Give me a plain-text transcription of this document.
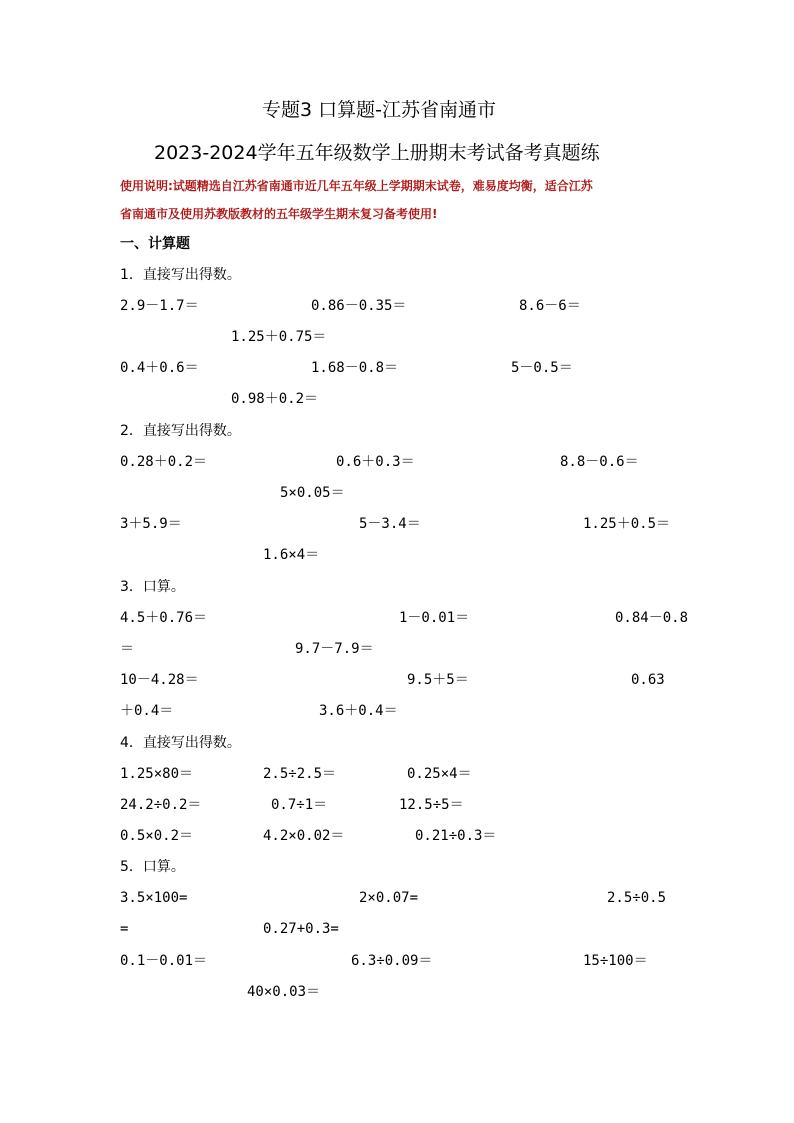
专题3 口算题-江苏省南通市
2023-2024学年五年级数学上册期末考试备考真题练
使用说明:试题精选自江苏省南通市近几年五年级上学期期末试卷，难易度均衡，适合江苏
省南通市及使用苏教版教材的五年级学生期末复习备考使用!
一、计算题
1．直接写出得数。
2.9－1.7＝	0.86－0.35＝	8.6－6＝
1.25＋0.75＝
0.4＋0.6＝	1.68－0.8＝	5－0.5＝
0.98＋0.2＝
2．直接写出得数。
0.28＋0.2＝	0.6＋0.3＝	8.8－0.6＝
5×0.05＝
3＋5.9＝	5－3.4＝	1.25＋0.5＝
1.6×4＝
3．口算。
4.5＋0.76＝	1－0.01＝	0.84－0.8
＝	9.7－7.9＝
10－4.28＝	9.5＋5＝	0.63
＋0.4＝	3.6＋0.4＝
4．直接写出得数。
1.25×80＝	2.5÷2.5＝	0.25×4＝
24.2÷0.2＝	0.7÷1＝	12.5÷5＝
0.5×0.2＝	4.2×0.02＝	0.21÷0.3＝
5．口算。
3.5×100=	2×0.07=	2.5÷0.5
=	0.27+0.3=
0.1－0.01＝	6.3÷0.09＝	15÷100＝
40×0.03＝
